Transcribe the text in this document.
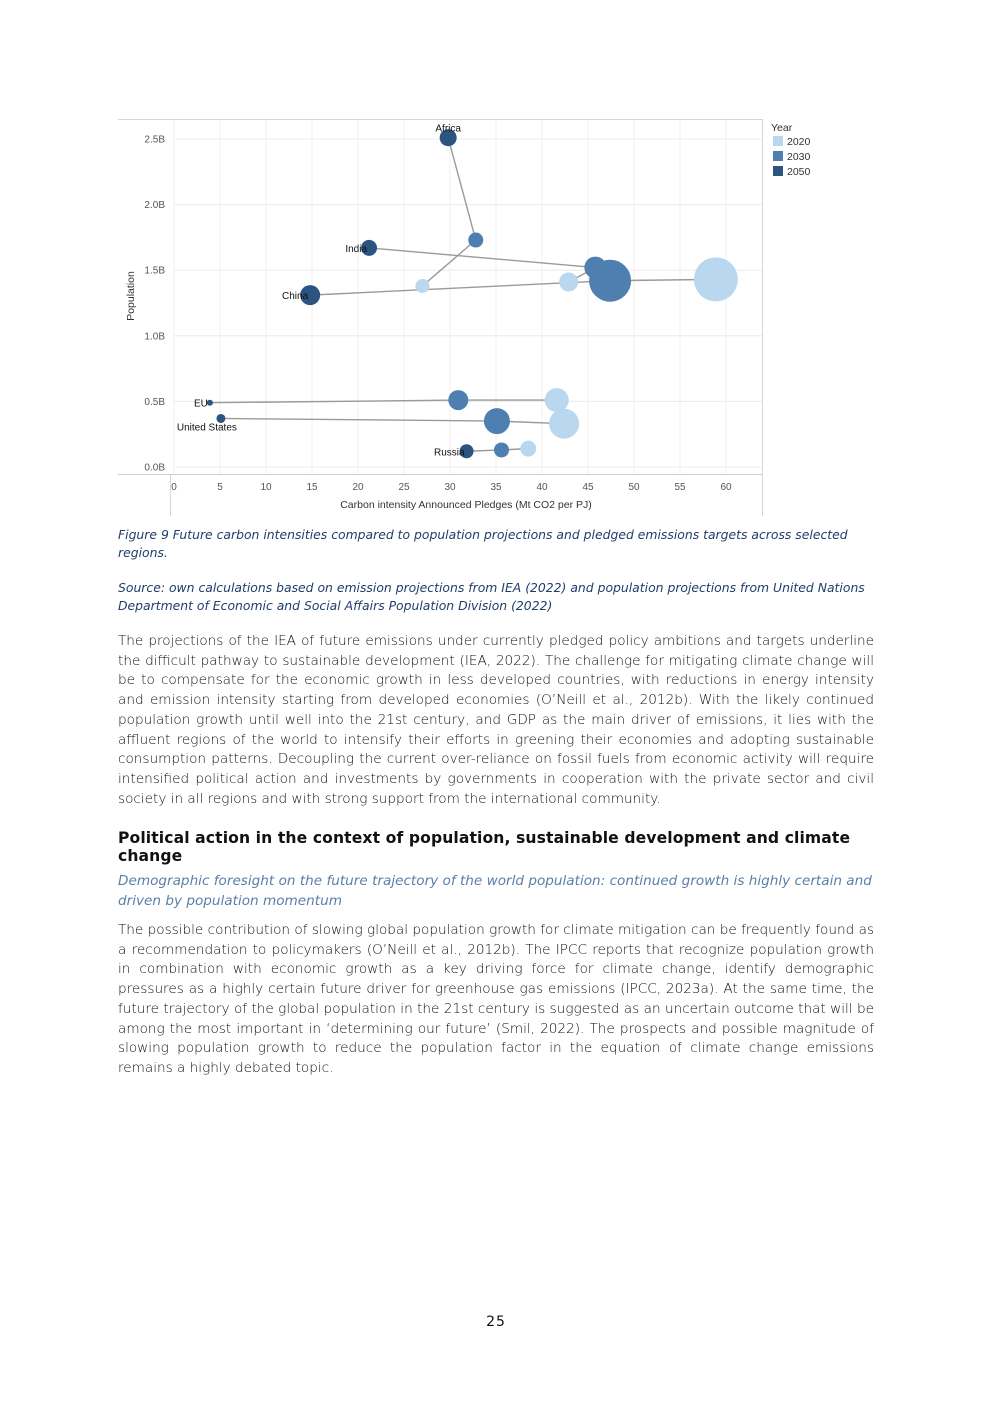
0	5	10	15	20	25	30	35	40	45	50	55	60
0.0B
0.5B
1.0B
1.5B
2.0B
2.5B
Africa
India
China
EU
United States
Russia
Carbon intensity Announced Pledges (Mt CO2 per PJ)
Population
Year
2020
2030
2050
Figure 9 Future carbon intensities compared to population projections and pledged emissions targets across selected regions.
Source: own calculations based on emission projections from IEA (2022) and population projections from United Nations Department of Economic and Social Affairs Population Division (2022)
The projections of the IEA of future emissions under currently pledged policy ambitions and targets underline the difficult pathway to sustainable development (IEA, 2022). The challenge for mitigating climate change will be to compensate for the economic growth in less developed countries, with reductions in energy intensity and emission intensity starting from developed economies (O’Neill et al., 2012b). With the likely continued population growth until well into the 21st century, and GDP as the main driver of emissions, it lies with the affluent regions of the world to intensify their efforts in greening their economies and adopting sustainable consumption patterns. Decoupling the current over-reliance on fossil fuels from economic activity will require intensified political action and investments by governments in cooperation with the private sector and civil society in all regions and with strong support from the international community.
Political action in the context of population, sustainable development and climate change
Demographic foresight on the future trajectory of the world population: continued growth is highly certain and driven by population momentum
The possible contribution of slowing global population growth for climate mitigation can be frequently found as a recommendation to policymakers (O’Neill et al., 2012b). The IPCC reports that recognize population growth in combination with economic growth as a key driving force for climate change, identify demographic pressures as a highly certain future driver for greenhouse gas emissions (IPCC, 2023a). At the same time, the future trajectory of the global population in the 21st century is suggested as an uncertain outcome that will be among the most important in ‘determining our future’ (Smil, 2022). The prospects and possible magnitude of slowing population growth to reduce the population factor in the equation of climate change emissions remains a highly debated topic.
25
